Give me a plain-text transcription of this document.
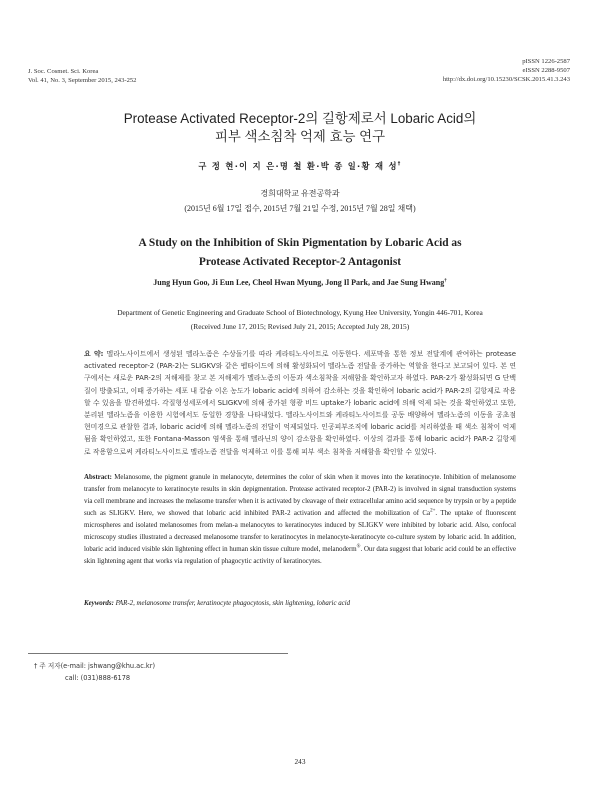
J. Soc. Cosmet. Sci. Korea
Vol. 41, No. 3, September 2015, 243-252
pISSN 1226-2587
eISSN 2288-9507
http://dx.doi.org/10.15230/SCSK.2015.41.3.243
Protease Activated Receptor-2의 길항제로서 Lobaric Acid의
피부 색소침착 억제 효능 연구
구 정 현·이 지 은·명 철 환·박 종 일·황 재 성†
경희대학교 유전공학과
(2015년 6월 17일 접수, 2015년 7월 21일 수정, 2015년 7월 28일 채택)
A Study on the Inhibition of Skin Pigmentation by Lobaric Acid as
Protease Activated Receptor-2 Antagonist
Jung Hyun Goo, Ji Eun Lee, Cheol Hwan Myung, Jong Il Park, and Jae Sung Hwang†
Department of Genetic Engineering and Graduate School of Biotechnology, Kyung Hee University, Yongin 446-701, Korea
(Received June 17, 2015; Revised July 21, 2015; Accepted July 28, 2015)
요 약: 멜라노사이트에서 생성된 멜라노좀은 수상돌기를 따라 케라티노사이트로 이동한다. 세포막을 통한 정보 전달계에 관여하는 protease activated receptor-2 (PAR-2)는 SLIGKV와 같은 펩타이드에 의해 활성화되어 멜라노좀 전달을 증가하는 역할을 한다고 보고되어 있다. 본 연구에서는 새로운 PAR-2의 저해제를 찾고 본 저해제가 멜라노좀의 이동과 색소침착을 저해함을 확인하고자 하였다. PAR-2가 활성화되면 G 단백질이 방출되고, 이때 증가하는 세포 내 칼슘 이온 농도가 lobaric acid에 의하여 감소하는 것을 확인하여 lobaric acid가 PAR-2의 길항제로 작용할 수 있음을 발견하였다. 각질형성세포에서 SLIGKV에 의해 증가된 형광 비드 uptake가 lobaric acid에 의해 억제 되는 것을 확인하였고 또한, 분리된 멜라노좀을 이용한 시험에서도 동일한 경향을 나타내었다. 멜라노사이트와 케라티노사이트를 공동 배양하여 멜라노좀의 이동을 공초점 현미경으로 관찰한 결과, lobaric acid에 의해 멜라노좀의 전달이 억제되었다. 인공피부조직에 lobaric acid를 처리하였을 때 색소 침착이 억제됨을 확인하였고, 또한 Fontana-Masson 염색을 통해 멜라닌의 양이 감소함을 확인하였다. 이상의 결과를 통해 lobaric acid가 PAR-2 길항제로 작용함으로써 케라티노사이트로 멜라노좀 전달을 억제하고 이를 통해 피부 색소 침착을 저해함을 확인할 수 있었다.
Abstract: Melanosome, the pigment granule in melanocyte, determines the color of skin when it moves into the keratinocyte. Inhibition of melanosome transfer from melanocyte to keratinocyte results in skin depigmentation. Protease activated receptor-2 (PAR-2) is involved in signal transduction systems via cell membrane and increases the melasome transfer when it is activated by cleavage of their extracellular amino acid sequence by trypsin or by a peptide such as SLIGKV. Here, we showed that lobaric acid inhibited PAR-2 activation and affected the mobilization of $Ca^{2+}$. The uptake of fluorescent microspheres and isolated melanosomes from melan-a melanocytes to keratinocytes induced by SLIGKV were inhibited by lobaric acid. Also, confocal microscopy studies illustrated a decreased melanosome transfer to keratinocytes in melanocyte-keratinocyte co-culture system by lobaric acid. In addition, lobaric acid induced visible skin lightening effect in human skin tissue culture model, melanoderm®. Our data suggest that lobaric acid could be an effective skin lightening agent that works via regulation of phagocytic activity of keratinocytes.
Keywords: PAR-2, melanosome transfer, keratinocyte phagocytosis, skin lightening, lobaric acid
† 주 저자(e-mail: jshwang@khu.ac.kr)
call: (031)888-6178
243
